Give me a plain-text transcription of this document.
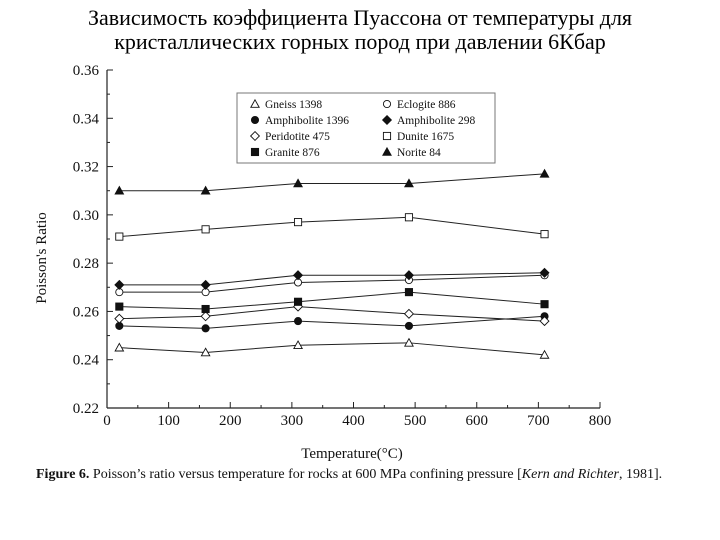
Зависимость коэффициента Пуассона от температуры для
кристаллических горных пород при давлении 6Кбар
0	100	200	300	400	500	600	700	800
0.22
0.24
0.26
0.28
0.30
0.32
0.34
0.36
Gneiss 1398	Eclogite 886
Amphibolite 1396	Amphibolite 298
Peridotite 475	Dunite 1675
Granite 876	Norite 84
Temperature(°C)
Poisson's Ratio
Figure 6. Poisson’s ratio versus temperature for rocks at 600 MPa confining pressure [Kern and Richter, 1981].
